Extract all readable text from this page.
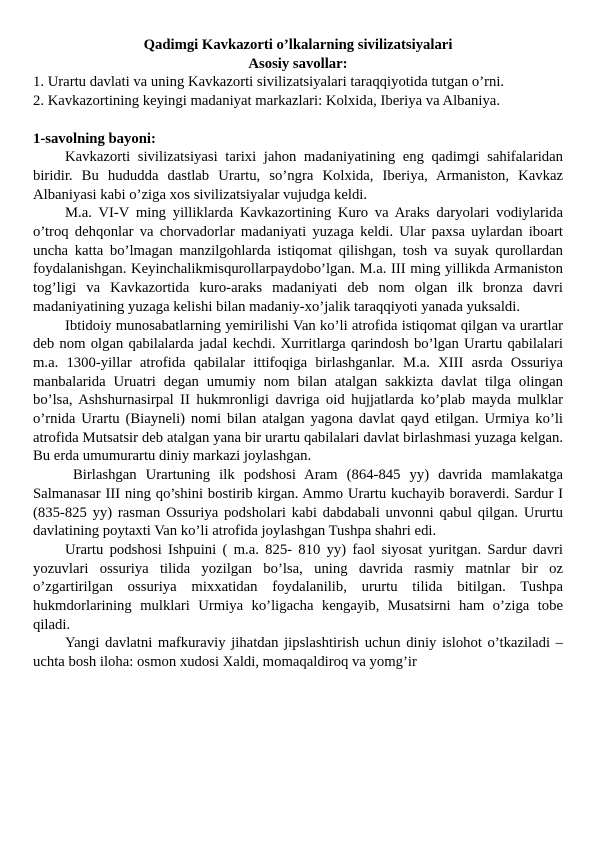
Qadimgi Kavkazorti o’lkalarning sivilizatsiyalari
Asosiy savollar:
1. Urartu davlati va uning Kavkazorti sivilizatsiyalari taraqqiyotida tutgan o’rni.
2. Kavkazortining keyingi madaniyat markazlari: Kolxida, Iberiya va Albaniya.
1-savolning bayoni:

Kavkazorti sivilizatsiyasi tarixi jahon madaniyatining eng qadimgi sahifalaridan biridir. Bu hududda dastlab Urartu, so’ngra Kolxida, Iberiya, Armaniston, Kavkaz Albaniyasi kabi o’ziga xos sivilizatsiyalar vujudga keldi.

M.a. VI-V ming yilliklarda Kavkazortining Kuro va Araks daryolari vodiylarida o’troq dehqonlar va chorvadorlar madaniyati yuzaga keldi. Ular paxsa uylardan iboart uncha katta bo’lmagan manzilgohlarda istiqomat qilishgan, tosh va suyak qurollardan foydalanishgan. Keyinchalikmisqurollarpaydobo’lgan. M.a. III ming yillikda Armaniston tog’ligi va Kavkazortida kuro-araks madaniyati deb nom olgan ilk bronza davri madaniyatining yuzaga kelishi bilan madaniy-xo’jalik taraqqiyoti yanada yuksaldi.

Ibtidoiy munosabatlarning yemirilishi Van ko’li atrofida istiqomat qilgan va urartlar deb nom olgan qabilalarda jadal kechdi. Xurritlarga qarindosh bo’lgan Urartu qabilalari m.a. 1300-yillar atrofida qabilalar ittifoqiga birlashganlar. M.a. XIII asrda Ossuriya manbalarida Uruatri degan umumiy nom bilan atalgan sakkizta davlat tilga olingan bo’lsa, Ashshurnasirpal II hukmronligi davriga oid hujjatlarda ko’plab mayda mulklar o’rnida Urartu (Biayneli) nomi bilan atalgan yagona davlat qayd etilgan. Urmiya ko’li atrofida Mutsatsir deb atalgan yana bir urartu qabilalari davlat birlashmasi yuzaga kelgan. Bu erda umumurartu diniy markazi joylashgan.

Birlashgan Urartuning ilk podshosi Aram (864-845 yy) davrida mamlakatga Salmanasar III ning qo’shini bostirib kirgan. Ammo Urartu kuchayib boraverdi. Sardur I (835-825 yy) rasman Ossuriya podsholari kabi dabdabali unvonni qabul qilgan. Ururtu davlatining poytaxti Van ko’li atrofida joylashgan Tushpa shahri edi.

Urartu podshosi Ishpuini ( m.a. 825- 810 yy) faol siyosat yuritgan. Sardur davri yozuvlari ossuriya tilida yozilgan bo’lsa, uning davrida rasmiy matnlar bir oz o’zgartirilgan ossuriya mixxatidan foydalanilib, ururtu tilida bitilgan. Tushpa hukmdorlarining mulklari Urmiya ko’ligacha kengayib, Musatsirni ham o’ziga tobe qiladi.

Yangi davlatni mafkuraviy jihatdan jipslashtirish uchun diniy islohot o’tkaziladi – uchta bosh iloha: osmon xudosi Xaldi, momaqaldiroq va yomg’ir
